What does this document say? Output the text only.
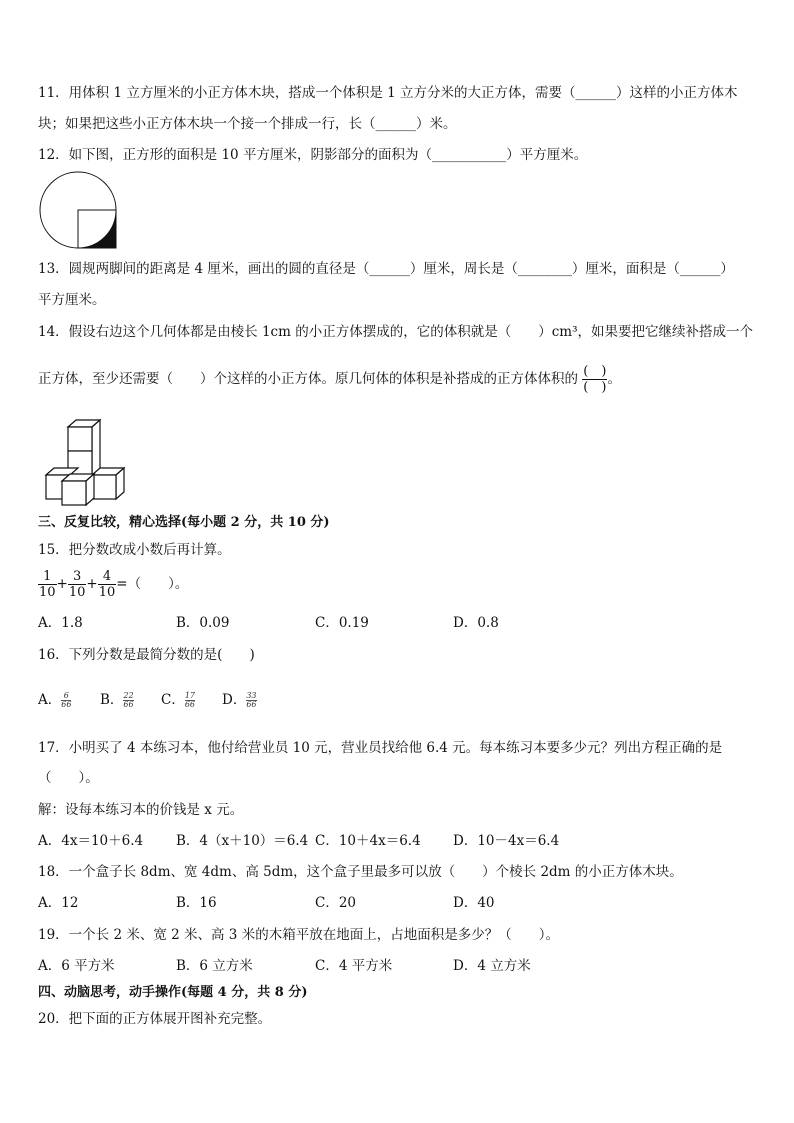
11．用体积 1 立方厘米的小正方体木块，搭成一个体积是 1 立方分米的大正方体，需要（______）这样的小正方体木
块；如果把这些小正方体木块一个接一个排成一行，长（______）米。
12．如下图，正方形的面积是 10 平方厘米，阴影部分的面积为（___________）平方厘米。
13．圆规两脚间的距离是 4 厘米，画出的圆的直径是（______）厘米，周长是（________）厘米，面积是（______）
平方厘米。
14．假设右边这个几何体都是由棱长 1cm 的小正方体摆成的，它的体积就是（　　）cm³，如果要把它继续补搭成一个
正方体，至少还需要（　　）个这样的小正方体。原几何体的体积是补搭成的正方体体积的 $\frac{( )}{( )}$ 。
三、反复比较，精心选择(每小题 2 分，共 10 分)
15．把分数改成小数后再计算。
$\frac{1}{10} + \frac{3}{10} + \frac{4}{10}$ =（　　）。
A．1.8	B．0.09	C．0.19	D．0.8
16．下列分数是最简分数的是(　　)
A． $\frac{6}{66}$ B． $\frac{22}{66}$ C． $\frac{17}{66}$ D． $\frac{33}{66}$
17．小明买了 4 本练习本，他付给营业员 10 元，营业员找给他 6.4 元。每本练习本要多少元？列出方程正确的是
（　　）。
解：设每本练习本的价钱是 x 元。
A．4x＝10＋6.4 B．4（x＋10）＝6.4 C．10＋4x＝6.4 D．10－4x＝6.4
18．一个盒子长 8dm、宽 4dm、高 5dm，这个盒子里最多可以放（　　）个棱长 2dm 的小正方体木块。
A．12	B．16	C．20	D．40
19．一个长 2 米、宽 2 米、高 3 米的木箱平放在地面上，占地面积是多少？（　　）。
A．6 平方米	B．6 立方米	C．4 平方米	D．4 立方米
四、动脑思考，动手操作(每题 4 分，共 8 分)
20．把下面的正方体展开图补充完整。
